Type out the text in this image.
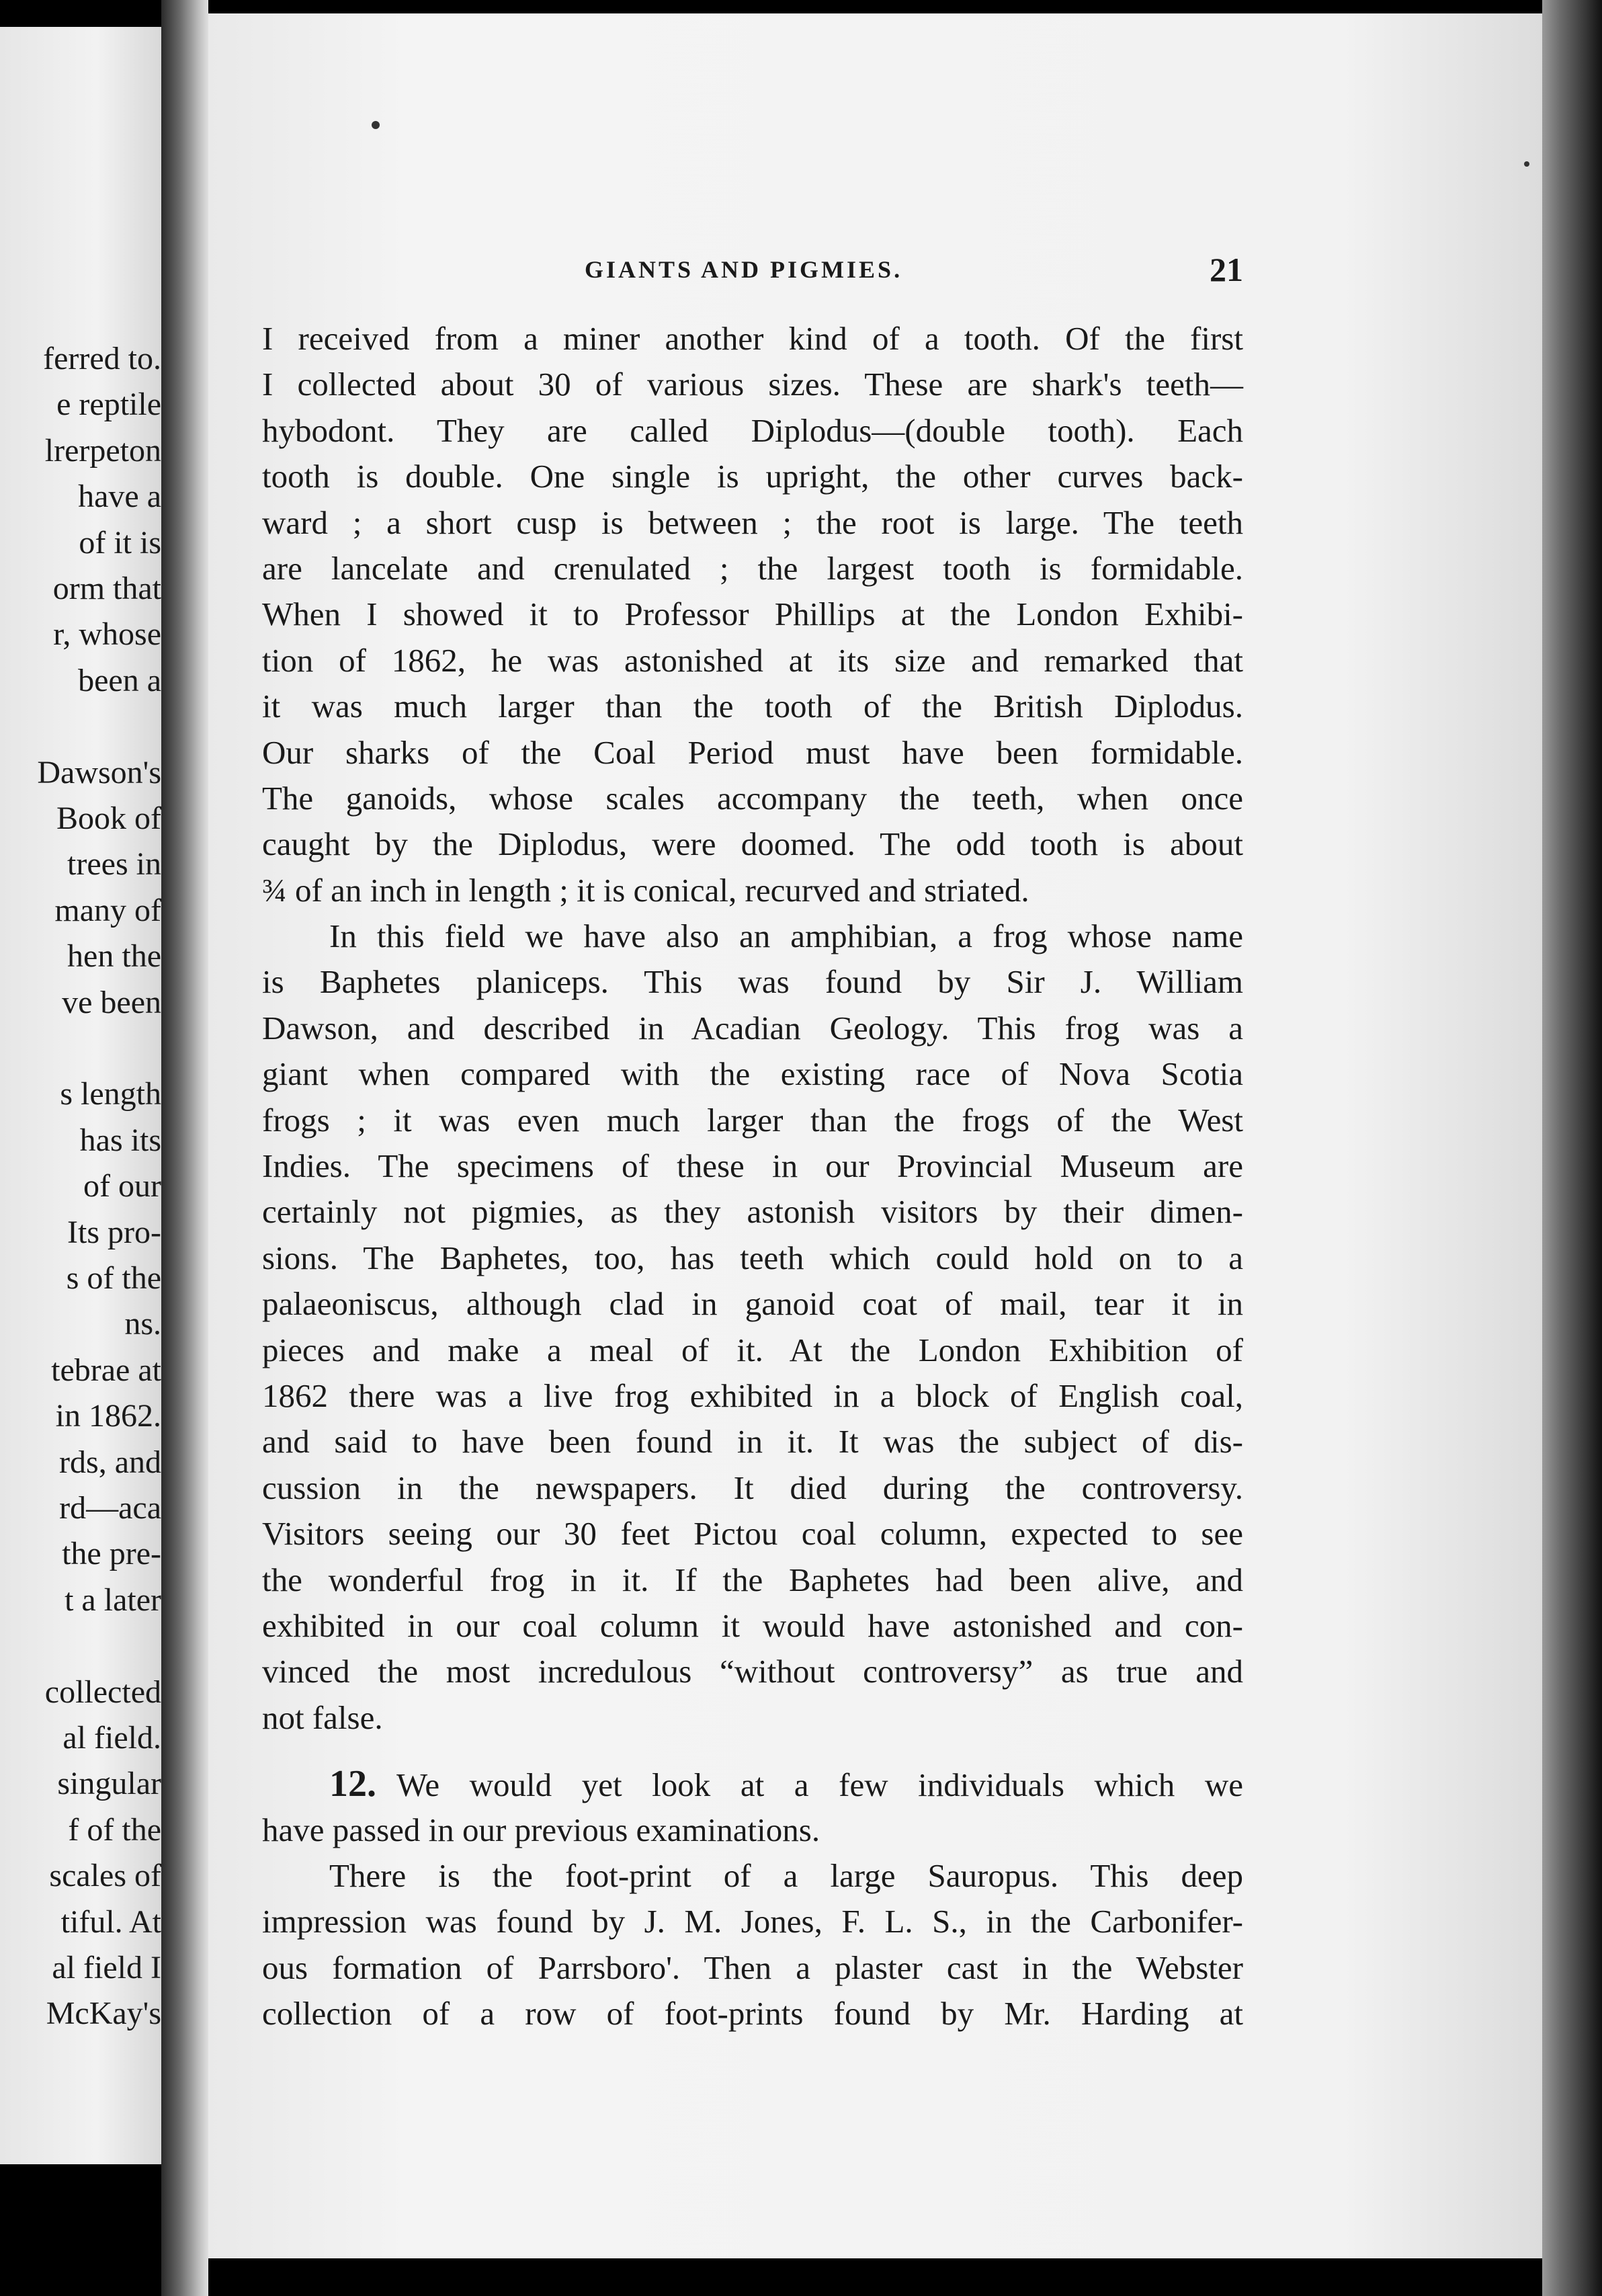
ferred to.
e reptile
lrerpeton
have a
of it is
orm that
r, whose
been a
Dawson's
Book of
trees in
many of
hen the
ve been
s length
has its
of our
Its pro-
s of the
ns.
tebrae at
in 1862.
rds, and
rd—aca
the pre-
t a later
collected
al field.
singular
f of the
scales of
tiful. At
al field I
McKay's
GIANTS AND PIGMIES.	21
I received from a miner another kind of a tooth. Of the first
I collected about 30 of various sizes. These are shark's teeth—
hybodont. They are called Diplodus—(double tooth). Each
tooth is double. One single is upright, the other curves back-
ward ; a short cusp is between ; the root is large. The teeth
are lancelate and crenulated ; the largest tooth is formidable.
When I showed it to Professor Phillips at the London Exhibi-
tion of 1862, he was astonished at its size and remarked that
it was much larger than the tooth of the British Diplodus.
Our sharks of the Coal Period must have been formidable.
The ganoids, whose scales accompany the teeth, when once
caught by the Diplodus, were doomed. The odd tooth is about
¾ of an inch in length ; it is conical, recurved and striated.
In this field we have also an amphibian, a frog whose name
is Baphetes planiceps. This was found by Sir J. William
Dawson, and described in Acadian Geology. This frog was a
giant when compared with the existing race of Nova Scotia
frogs ; it was even much larger than the frogs of the West
Indies. The specimens of these in our Provincial Museum are
certainly not pigmies, as they astonish visitors by their dimen-
sions. The Baphetes, too, has teeth which could hold on to a
palaeoniscus, although clad in ganoid coat of mail, tear it in
pieces and make a meal of it. At the London Exhibition of
1862 there was a live frog exhibited in a block of English coal,
and said to have been found in it. It was the subject of dis-
cussion in the newspapers. It died during the controversy.
Visitors seeing our 30 feet Pictou coal column, expected to see
the wonderful frog in it. If the Baphetes had been alive, and
exhibited in our coal column it would have astonished and con-
vinced the most incredulous “without controversy” as true and
not false.
12. We would yet look at a few individuals which we
have passed in our previous examinations.
There is the foot-print of a large Sauropus. This deep
impression was found by J. M. Jones, F. L. S., in the Carbonifer-
ous formation of Parrsboro'. Then a plaster cast in the Webster
collection of a row of foot-prints found by Mr. Harding at
